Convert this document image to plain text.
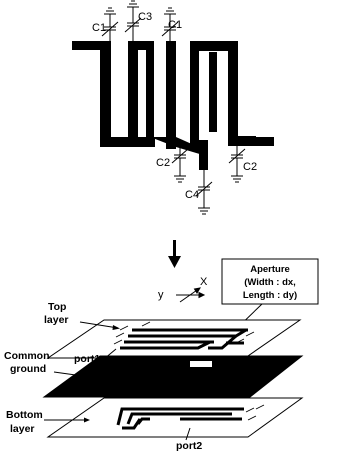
C1
C3
C1
C2	C2
C4
y
X
Aperture
(Width : dx,
Length : dy)
Top
layer
port1
Common
ground
Bottom
layer
port2
